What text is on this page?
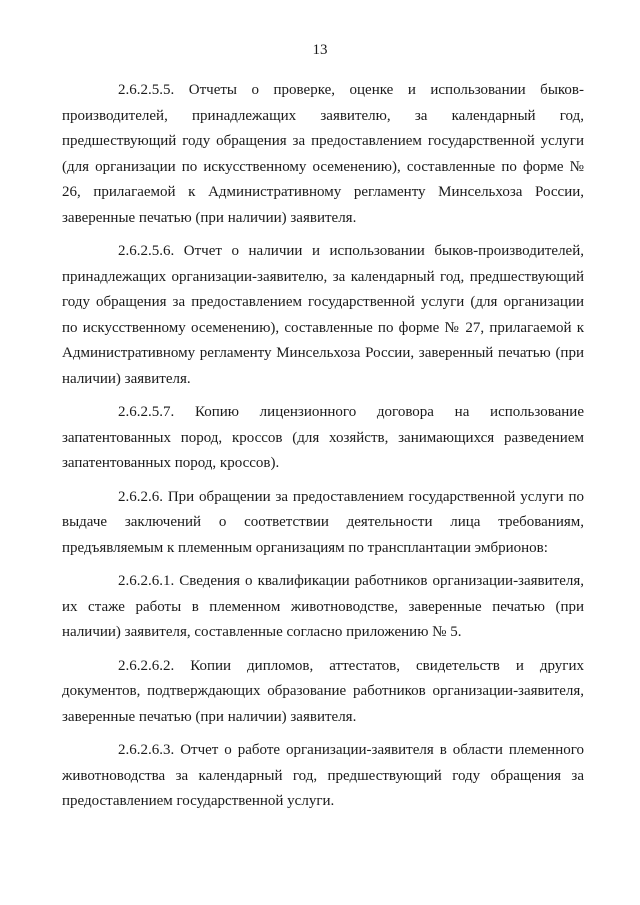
13

2.6.2.5.5. Отчеты о проверке, оценке и использовании быков-производителей, принадлежащих заявителю, за календарный год, предшествующий году обращения за предоставлением государственной услуги (для организации по искусственному осеменению), составленные по форме № 26, прилагаемой к Административному регламенту Минсельхоза России, заверенные печатью (при наличии) заявителя.

2.6.2.5.6. Отчет о наличии и использовании быков-производителей, принадлежащих организации-заявителю, за календарный год, предшествующий году обращения за предоставлением государственной услуги (для организации по искусственному осеменению), составленные по форме № 27, прилагаемой к Административному регламенту Минсельхоза России, заверенный печатью (при наличии) заявителя.

2.6.2.5.7. Копию лицензионного договора на использование запатентованных пород, кроссов (для хозяйств, занимающихся разведением запатентованных пород, кроссов).

2.6.2.6. При обращении за предоставлением государственной услуги по выдаче заключений о соответствии деятельности лица требованиям, предъявляемым к племенным организациям по трансплантации эмбрионов:

2.6.2.6.1. Сведения о квалификации работников организации-заявителя, их стаже работы в племенном животноводстве, заверенные печатью (при наличии) заявителя, составленные согласно приложению № 5.

2.6.2.6.2. Копии дипломов, аттестатов, свидетельств и других документов, подтверждающих образование работников организации-заявителя, заверенные печатью (при наличии) заявителя.

2.6.2.6.3. Отчет о работе организации-заявителя в области племенного животноводства за календарный год, предшествующий году обращения за предоставлением государственной услуги.
